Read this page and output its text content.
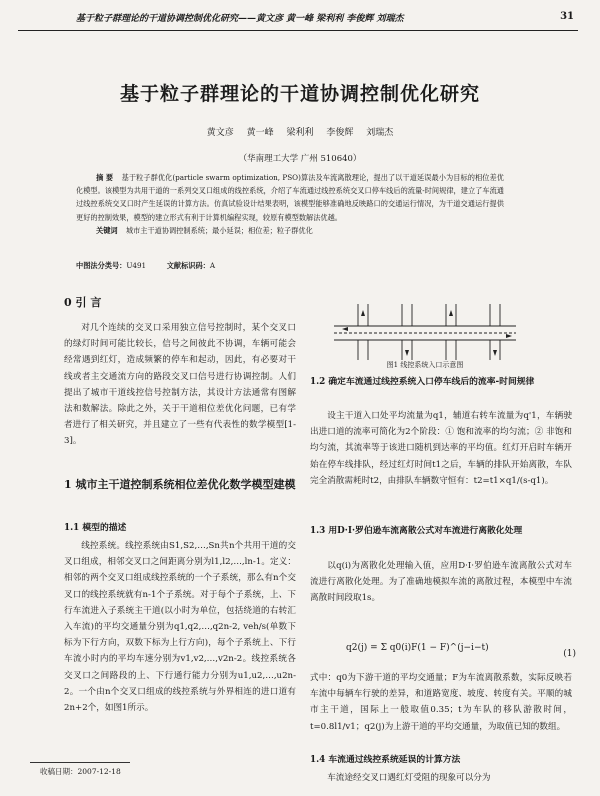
基于粒子群理论的干道协调控制优化研究——黄文彦 黄一峰 梁利利 李俊辉 刘瑞杰	31
基于粒子群理论的干道协调控制优化研究
黄文彦 黄一峰 梁利利 李俊辉 刘瑞杰
（华南理工大学 广州 510640）
摘 要 基于粒子群优化(particle swarm optimization, PSO)算法及车流离散理论，提出了以干道延误最小为目标的相位差优化模型。该模型为共用干道的一系列交叉口组成的线控系统，介绍了车流通过线控系统交叉口停车线后的流量-时间规律，建立了车流通过线控系统交叉口时产生延误的计算方法。仿真试验设计结果表明，该模型能够准确地反映路口的交通运行情况，为干道交通运行提供更好的控制效果，模型的建立形式有利于计算机编程实现，较原有模型数解法优越。
关键词 城市主干道协调控制系统；最小延误；相位差；粒子群优化
中图法分类号：U491	文献标识码：A
0 引 言
对几个连续的交叉口采用独立信号控制时，某个交叉口的绿灯时间可能比较长，信号之间彼此不协调，车辆可能会经常遇到红灯，造成频繁的停车和起动，因此，有必要对干线或者主交通流方向的路段交叉口信号进行协调控制。人们提出了城市干道线控信号控制方法，其设计方法通常有图解法和数解法。除此之外，关于干道相位差优化问题，已有学者进行了相关研究，并且建立了一些有代表性的数学模型[1-3]。
1 城市主干道控制系统相位差优化数学模型建模
1.1 模型的描述
线控系统。线控系统由S1,S2,…,Sn共n个共用干道的交叉口组成，相邻交叉口之间距离分别为l1,l2,…,ln-1。定义：相邻的两个交叉口组成线控系统的一个子系统，那么有n个交叉口的线控系统就有n-1个子系统。对于每个子系统，上、下行车流进入子系统主干道(以小时为单位，包括绕道的右转汇入车流)的平均交通量分别为q1,q2,…,q2n-2, veh/s(单数下标为下行方向，双数下标为上行方向)，每个子系统上、下行车流小时内的平均车速分别为v1,v2,…,v2n-2。线控系统各交叉口之间路段的上、下行通行能力分别为u1,u2,…,u2n-2。一个由n个交叉口组成的线控系统与外界相连的进口道有2n+2个，如图1所示。
收稿日期：2007-12-18
图1 线控系统入口示意图
1.2 确定车流通过线控系统入口停车线后的流率-时间规律
设主干道入口处平均流量为q1，辅道右转车流量为q'1，车辆驶出进口道的流率可简化为2个阶段：① 饱和流率的均匀流；② 非饱和均匀流，其流率等于该进口随机到达率的平均值。红灯开启时车辆开始在停车线排队，经过红灯时间t1之后，车辆的排队开始离散，车队完全消散需耗时t2，由排队车辆数守恒有：t2=t1×q1/(s-q1)。
1.3 用D·I·罗伯逊车流离散公式对车流进行离散化处理
以q(i)为离散化处理输入值，应用D·I·罗伯逊车流离散公式对车流进行离散化处理。为了准确地模拟车流的离散过程，本模型中车流离散时间段取1s。
q2(j) = Σ q0(i)F(1 − F)^(j−i−t)
(1)
式中：q0为下游干道的平均交通量；F为车流离散系数，实际反映若车流中每辆车行驶的差异，和道路宽度、坡度、转度有关。平顺的城市主干道，国际上一般取值0.35；t为车队的移队游散时间，t=0.8l1/v1；q2(j)为上游干道的平均交通量，为取值已知的数组。
1.4 车流通过线控系统延误的计算方法
车流途经交叉口遇红灯受阻的现象可以分为
